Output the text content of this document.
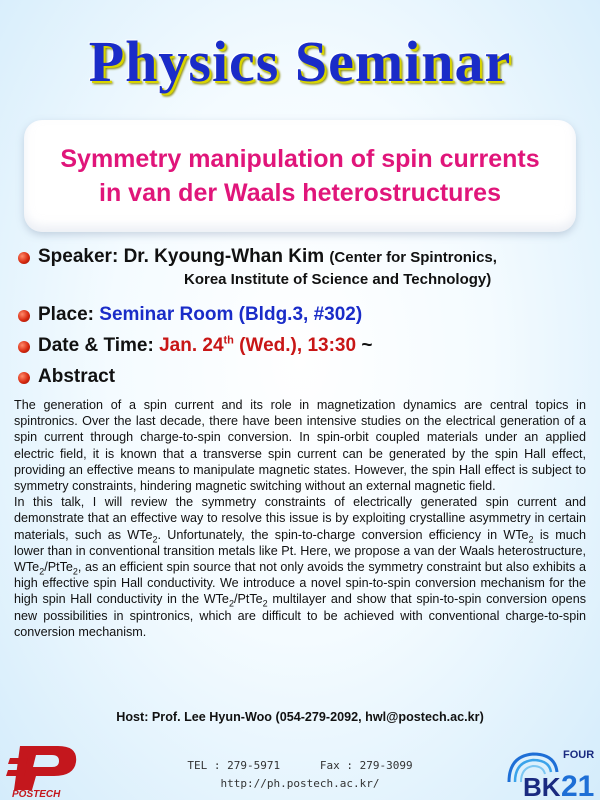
Physics Seminar
Symmetry manipulation of spin currents
in van der Waals heterostructures
Speaker: Dr. Kyoung-Whan Kim (Center for Spintronics,
Korea Institute of Science and Technology)
Place: Seminar Room (Bldg.3, #302)
Date & Time: Jan. 24th (Wed.), 13:30 ~
Abstract

The generation of a spin current and its role in magnetization dynamics are central topics in spintronics. Over the last decade, there have been intensive studies on the electrical generation of a spin current through charge-to-spin conversion. In spin-orbit coupled materials under an applied electric field, it is known that a transverse spin current can be generated by the spin Hall effect, providing an effective means to manipulate magnetic states. However, the spin Hall effect is subject to symmetry constraints, hindering magnetic switching without an external magnetic field.

In this talk, I will review the symmetry constraints of electrically generated spin current and demonstrate that an effective way to resolve this issue is by exploiting crystalline asymmetry in certain materials, such as WTe$_2$. Unfortunately, the spin-to-charge conversion efficiency in WTe$_2$ is much lower than in conventional transition metals like Pt. Here, we propose a van der Waals heterostructure, WTe$_2$/PtTe$_2$, as an efficient spin source that not only avoids the symmetry constraint but also exhibits a high effective spin Hall conductivity. We introduce a novel spin-to-spin conversion mechanism for the high spin Hall conductivity in the WTe$_2$/PtTe$_2$ multilayer and show that spin-to-spin conversion opens new possibilities in spintronics, which are difficult to be achieved with conventional charge-to-spin conversion mechanism.

Host: Prof. Lee Hyun-Woo (054-279-2092, hwl@postech.ac.kr)
POSTECH
TEL : 279-5971	Fax : 279-3099
http://ph.postech.ac.kr/
FOUR
BK 21
